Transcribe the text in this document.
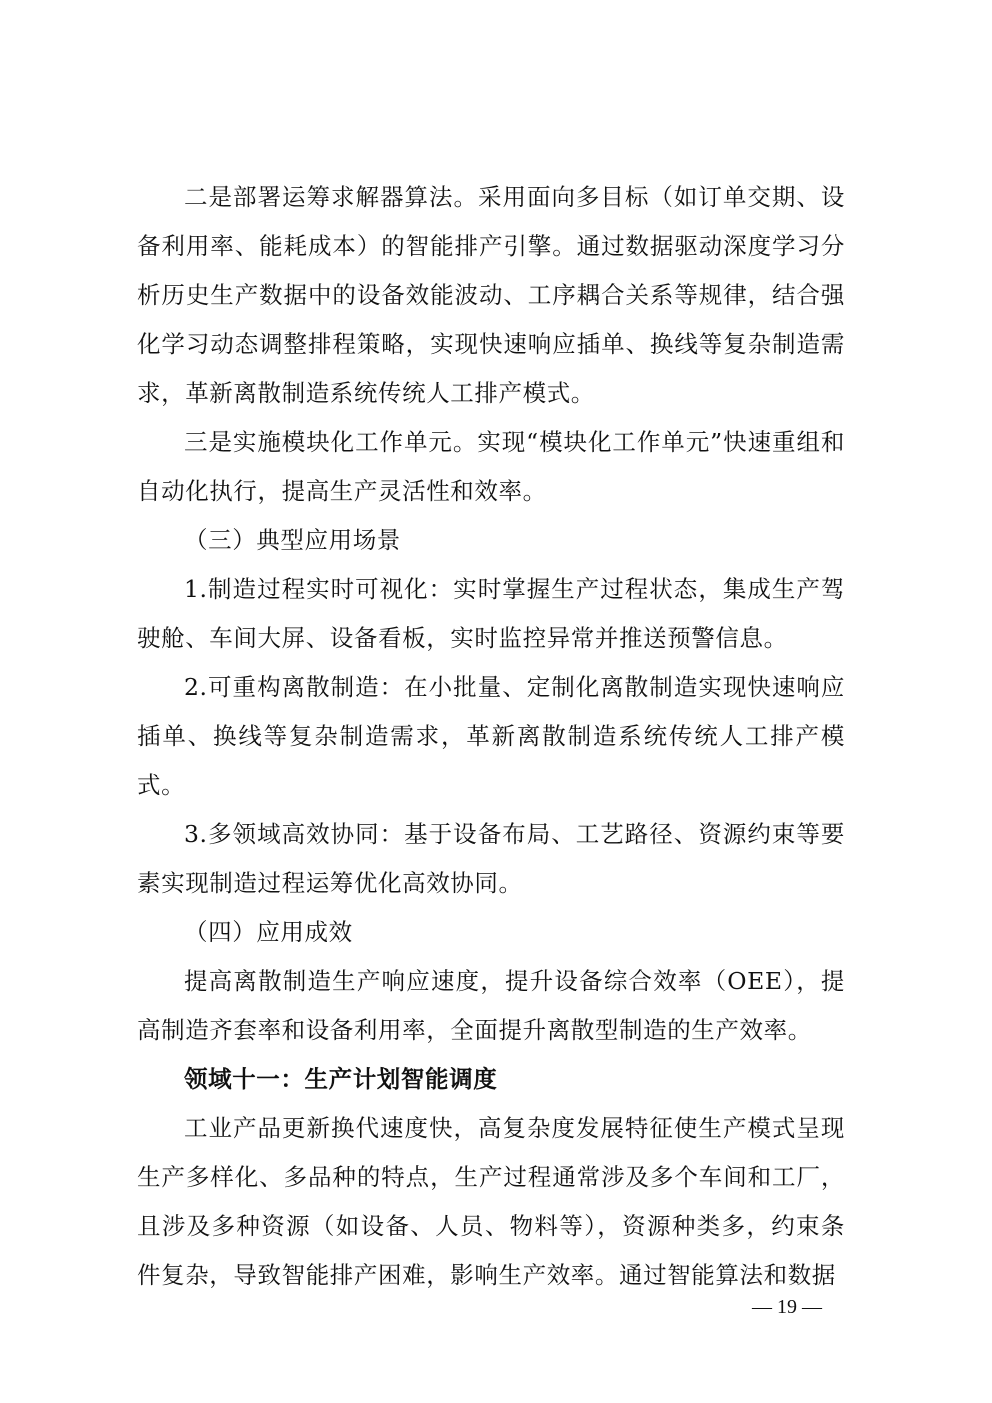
二是部署运筹求解器算法。采用面向多目标（如订单交期、设备利用率、能耗成本）的智能排产引擎。通过数据驱动深度学习分析历史生产数据中的设备效能波动、工序耦合关系等规律，结合强化学习动态调整排程策略，实现快速响应插单、换线等复杂制造需求，革新离散制造系统传统人工排产模式。

三是实施模块化工作单元。实现“模块化工作单元”快速重组和自动化执行，提高生产灵活性和效率。

（三）典型应用场景

1.制造过程实时可视化：实时掌握生产过程状态，集成生产驾驶舱、车间大屏、设备看板，实时监控异常并推送预警信息。

2.可重构离散制造：在小批量、定制化离散制造实现快速响应插单、换线等复杂制造需求，革新离散制造系统传统人工排产模式。

3.多领域高效协同：基于设备布局、工艺路径、资源约束等要素实现制造过程运筹优化高效协同。

（四）应用成效

提高离散制造生产响应速度，提升设备综合效率（OEE），提高制造齐套率和设备利用率，全面提升离散型制造的生产效率。

领域十一：生产计划智能调度

工业产品更新换代速度快，高复杂度发展特征使生产模式呈现生产多样化、多品种的特点，生产过程通常涉及多个车间和工厂，且涉及多种资源（如设备、人员、物料等），资源种类多，约束条件复杂，导致智能排产困难，影响生产效率。通过智能算法和数据

— 19 —
